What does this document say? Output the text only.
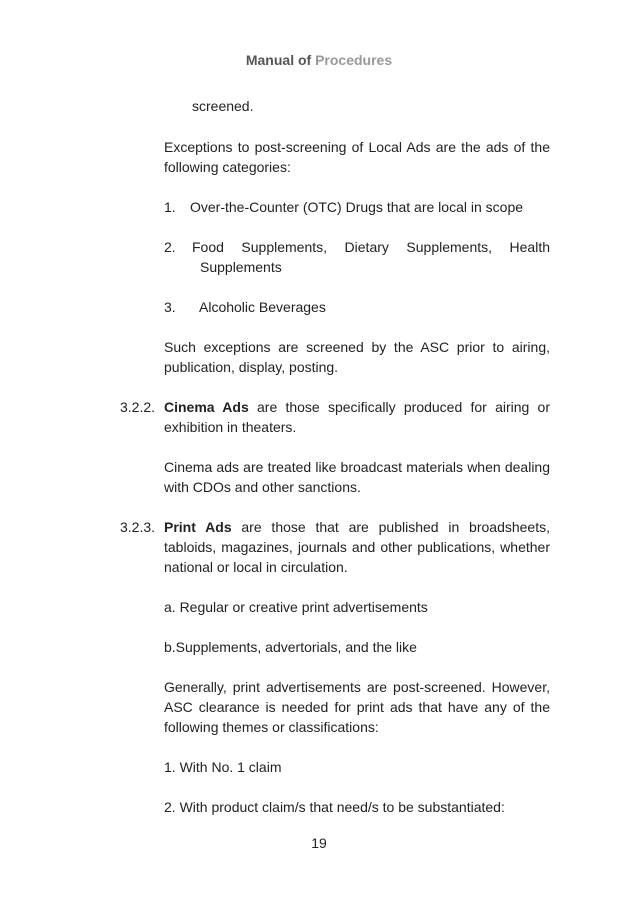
Manual of Procedures

screened.

Exceptions to post-screening of Local Ads are the ads of the following categories:

1. Over-the-Counter (OTC) Drugs that are local in scope
2. Food Supplements, Dietary Supplements, Health
Supplements
3. Alcoholic Beverages

Such exceptions are screened by the ASC prior to airing, publication, display, posting.

3.2.2. Cinema Ads are those specifically produced for airing or exhibition in theaters.

Cinema ads are treated like broadcast materials when dealing with CDOs and other sanctions.

3.2.3. Print Ads are those that are published in broadsheets, tabloids, magazines, journals and other publications, whether national or local in circulation.

a. Regular or creative print advertisements

b.Supplements, advertorials, and the like

Generally, print advertisements are post-screened. However, ASC clearance is needed for print ads that have any of the following themes or classifications:

1. With No. 1 claim

2. With product claim/s that need/s to be substantiated:

19
